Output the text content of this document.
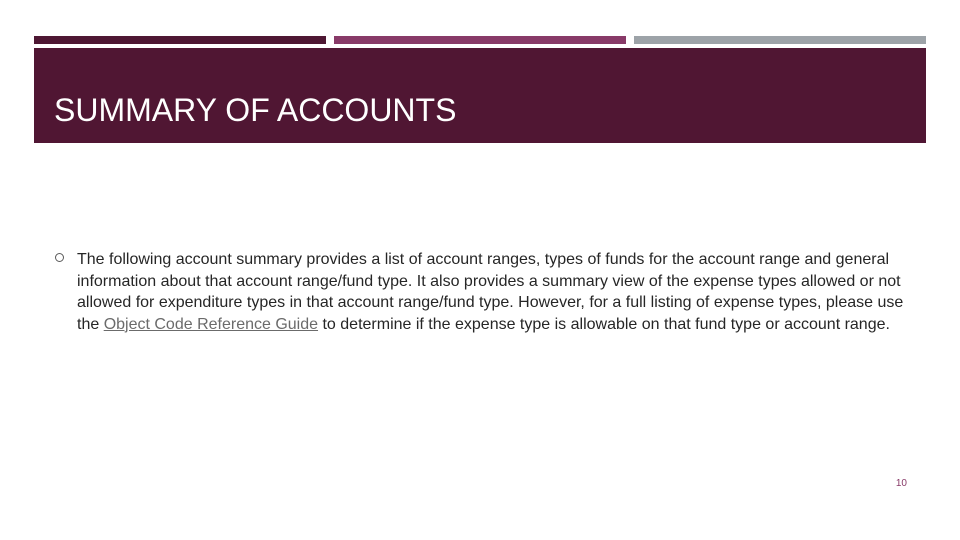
SUMMARY OF ACCOUNTS
The following account summary provides a list of account ranges, types of funds for the account range and general information about that account range/fund type. It also provides a summary view of the expense types allowed or not allowed for expenditure types in that account range/fund type. However, for a full listing of expense types, please use the Object Code Reference Guide to determine if the expense type is allowable on that fund type or account range.
10
